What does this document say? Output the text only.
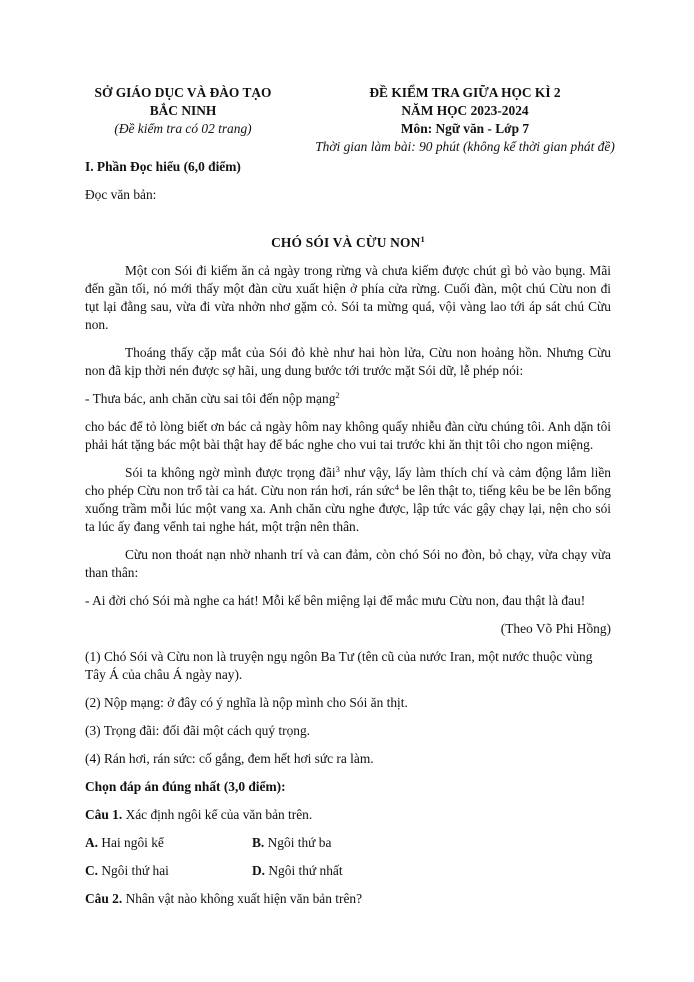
SỞ GIÁO DỤC VÀ ĐÀO TẠO
BẮC NINH
(Đề kiểm tra có 02 trang)
ĐỀ KIỂM TRA GIỮA HỌC KÌ 2
NĂM HỌC 2023-2024
Môn: Ngữ văn - Lớp 7
Thời gian làm bài: 90 phút (không kể thời gian phát đề)
I. Phần Đọc hiểu (6,0 điểm)
Đọc văn bản:
CHÓ SÓI VÀ CỪU NON$^1$

Một con Sói đi kiếm ăn cả ngày trong rừng và chưa kiếm được chút gì bỏ vào bụng. Mãi đến gần tối, nó mới thấy một đàn cừu xuất hiện ở phía cửa rừng. Cuối đàn, một chú Cừu non đi tụt lại đằng sau, vừa đi vừa nhởn nhơ gặm cỏ. Sói ta mừng quá, vội vàng lao tới áp sát chú Cừu non.

Thoáng thấy cặp mắt của Sói đỏ khè như hai hòn lửa, Cừu non hoảng hồn. Nhưng Cừu non đã kịp thời nén được sợ hãi, ung dung bước tới trước mặt Sói dữ, lễ phép nói:

- Thưa bác, anh chăn cừu sai tôi đến nộp mạng$^2$

cho bác để tỏ lòng biết ơn bác cả ngày hôm nay không quấy nhiễu đàn cừu chúng tôi. Anh dặn tôi phải hát tặng bác một bài thật hay để bác nghe cho vui tai trước khi ăn thịt tôi cho ngon miệng.

Sói ta không ngờ mình được trọng đãi$^3$ như vậy, lấy làm thích chí và cảm động lắm liền cho phép Cừu non trổ tài ca hát. Cừu non rán hơi, rán sức$^4$ be lên thật to, tiếng kêu be be lên bổng xuống trầm mỗi lúc một vang xa. Anh chăn cừu nghe được, lập tức vác gậy chạy lại, nện cho sói ta lúc ấy đang vểnh tai nghe hát, một trận nên thân.

Cừu non thoát nạn nhờ nhanh trí và can đảm, còn chó Sói no đòn, bỏ chạy, vừa chạy vừa than thân:

- Ai đời chó Sói mà nghe ca hát! Mỗi kế bên miệng lại để mắc mưu Cừu non, đau thật là đau!

(Theo Võ Phi Hồng)

(1) Chó Sói và Cừu non là truyện ngụ ngôn Ba Tư (tên cũ của nước Iran, một nước thuộc vùng Tây Á của châu Á ngày nay).

(2) Nộp mạng: ở đây có ý nghĩa là nộp mình cho Sói ăn thịt.

(3) Trọng đãi: đối đãi một cách quý trọng.

(4) Rán hơi, rán sức: cố gắng, đem hết hơi sức ra làm.

Chọn đáp án đúng nhất (3,0 điểm):

Câu 1. Xác định ngôi kể của văn bản trên.

A. Hai ngôi kể	B. Ngôi thứ ba
C. Ngôi thứ hai	D. Ngôi thứ nhất

Câu 2. Nhân vật nào không xuất hiện văn bản trên?
